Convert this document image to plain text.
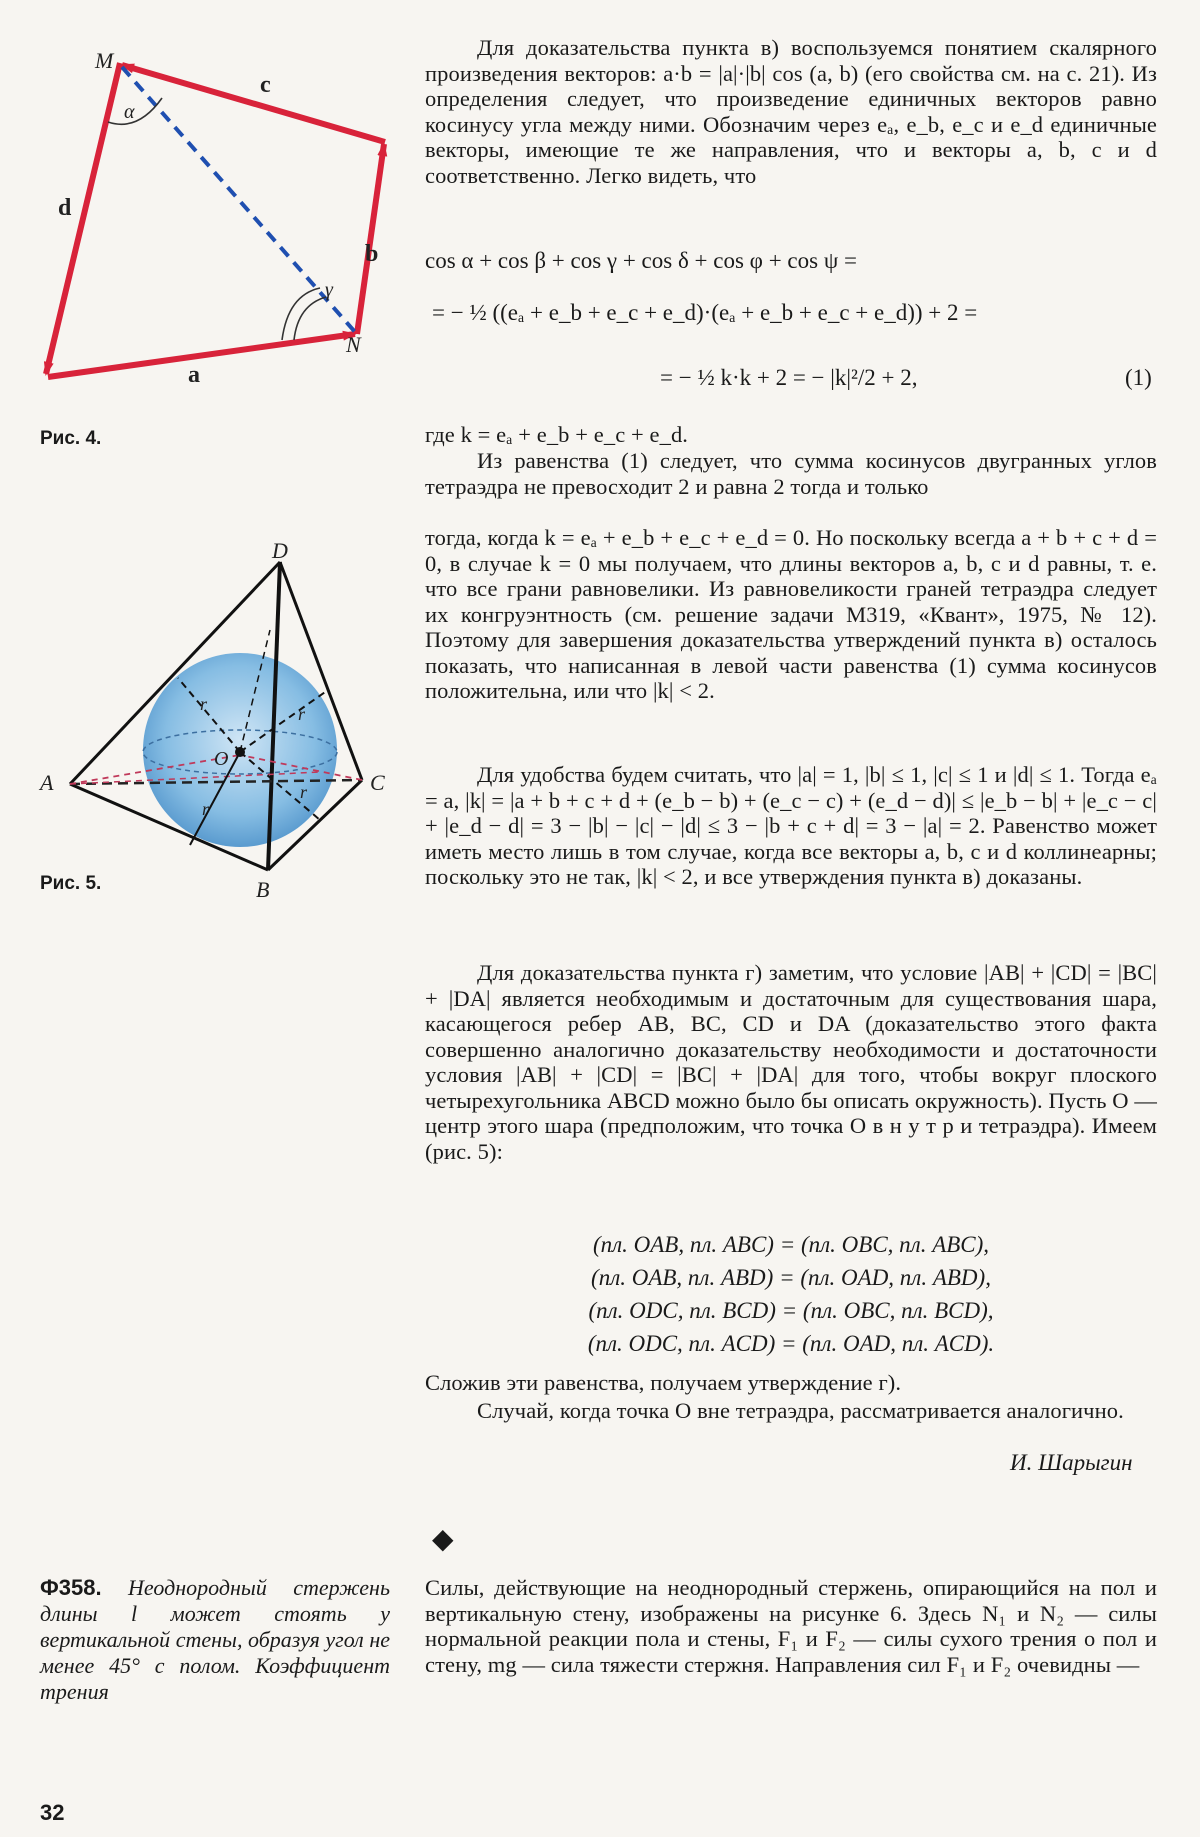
M
N
c
d
b
a
α
γ
Рис. 4.
D
A	C
B
O
r	r
r
r
Рис. 5.

Для доказательства пункта в) воспользуемся понятием скалярного произведения векторов: a·b = |a|·|b| cos (a, b) (его свойства см. на с. 21). Из определения следует, что произведение единичных векторов равно косинусу угла между ними. Обозначим через eₐ, e_b, e_c и e_d единичные векторы, имеющие те же направления, что и векторы a, b, c и d соответственно. Легко видеть, что

cos α + cos β + cos γ + cos δ + cos φ + cos ψ =
= − ½ ((eₐ + e_b + e_c + e_d)·(eₐ + e_b + e_c + e_d)) + 2 =
= − ½ k·k + 2 = − |k|²/2 + 2,	(1)
где k = eₐ + e_b + e_c + e_d.

Из равенства (1) следует, что сумма косинусов двугранных углов тетраэдра не превосходит 2 и равна 2 тогда и только

тогда, когда k = eₐ + e_b + e_c + e_d = 0. Но поскольку всегда a + b + c + d = 0, в случае k = 0 мы получаем, что длины векторов a, b, c и d равны, т. е. что все грани равновелики. Из равновеликости граней тетраэдра следует их конгруэнтность (см. решение задачи М319, «Квант», 1975, № 12). Поэтому для завершения доказательства утверждений пункта в) осталось показать, что написанная в левой части равенства (1) сумма косинусов положительна, или что |k| < 2.

Для удобства будем считать, что |a| = 1, |b| ≤ 1, |c| ≤ 1 и |d| ≤ 1. Тогда eₐ = a, |k| = |a + b + c + d + (e_b − b) + (e_c − c) + (e_d − d)| ≤ |e_b − b| + |e_c − c| + |e_d − d| = 3 − |b| − |c| − |d| ≤ 3 − |b + c + d| = 3 − |a| = 2. Равенство может иметь место лишь в том случае, когда все векторы a, b, c и d коллинеарны; поскольку это не так, |k| < 2, и все утверждения пункта в) доказаны.

Для доказательства пункта г) заметим, что условие |AB| + |CD| = |BC| + |DA| является необходимым и достаточным для существования шара, касающегося ребер AB, BC, CD и DA (доказательство этого факта совершенно аналогично доказательству необходимости и достаточности условия |AB| + |CD| = |BC| + |DA| для того, чтобы вокруг плоского четырехугольника ABCD можно было бы описать окружность). Пусть O — центр этого шара (предположим, что точка O в н у т р и тетраэдра). Имеем (рис. 5):

(пл. OAB, пл. ABC) = (пл. OBC, пл. ABC),
(пл. OAB, пл. ABD) = (пл. OAD, пл. ABD),
(пл. ODC, пл. BCD) = (пл. OBC, пл. BCD),
(пл. ODC, пл. ACD) = (пл. OAD, пл. ACD).

Сложив эти равенства, получаем утверждение г).

Случай, когда точка O вне тетраэдра, рассматривается аналогично.

И. Шарыгин
◆
Ф358. Неоднородный стержень длины l может стоять у вертикальной стены, образуя угол не менее 45° с полом. Коэффициент трения

Силы, действующие на неоднородный стержень, опирающийся на пол и вертикальную стену, изображены на рисунке 6. Здесь N₁ и N₂ — силы нормальной реакции пола и стены, F₁ и F₂ — силы сухого трения о пол и стену, mg — сила тяжести стержня. Направления сил F₁ и F₂ очевидны —

32
